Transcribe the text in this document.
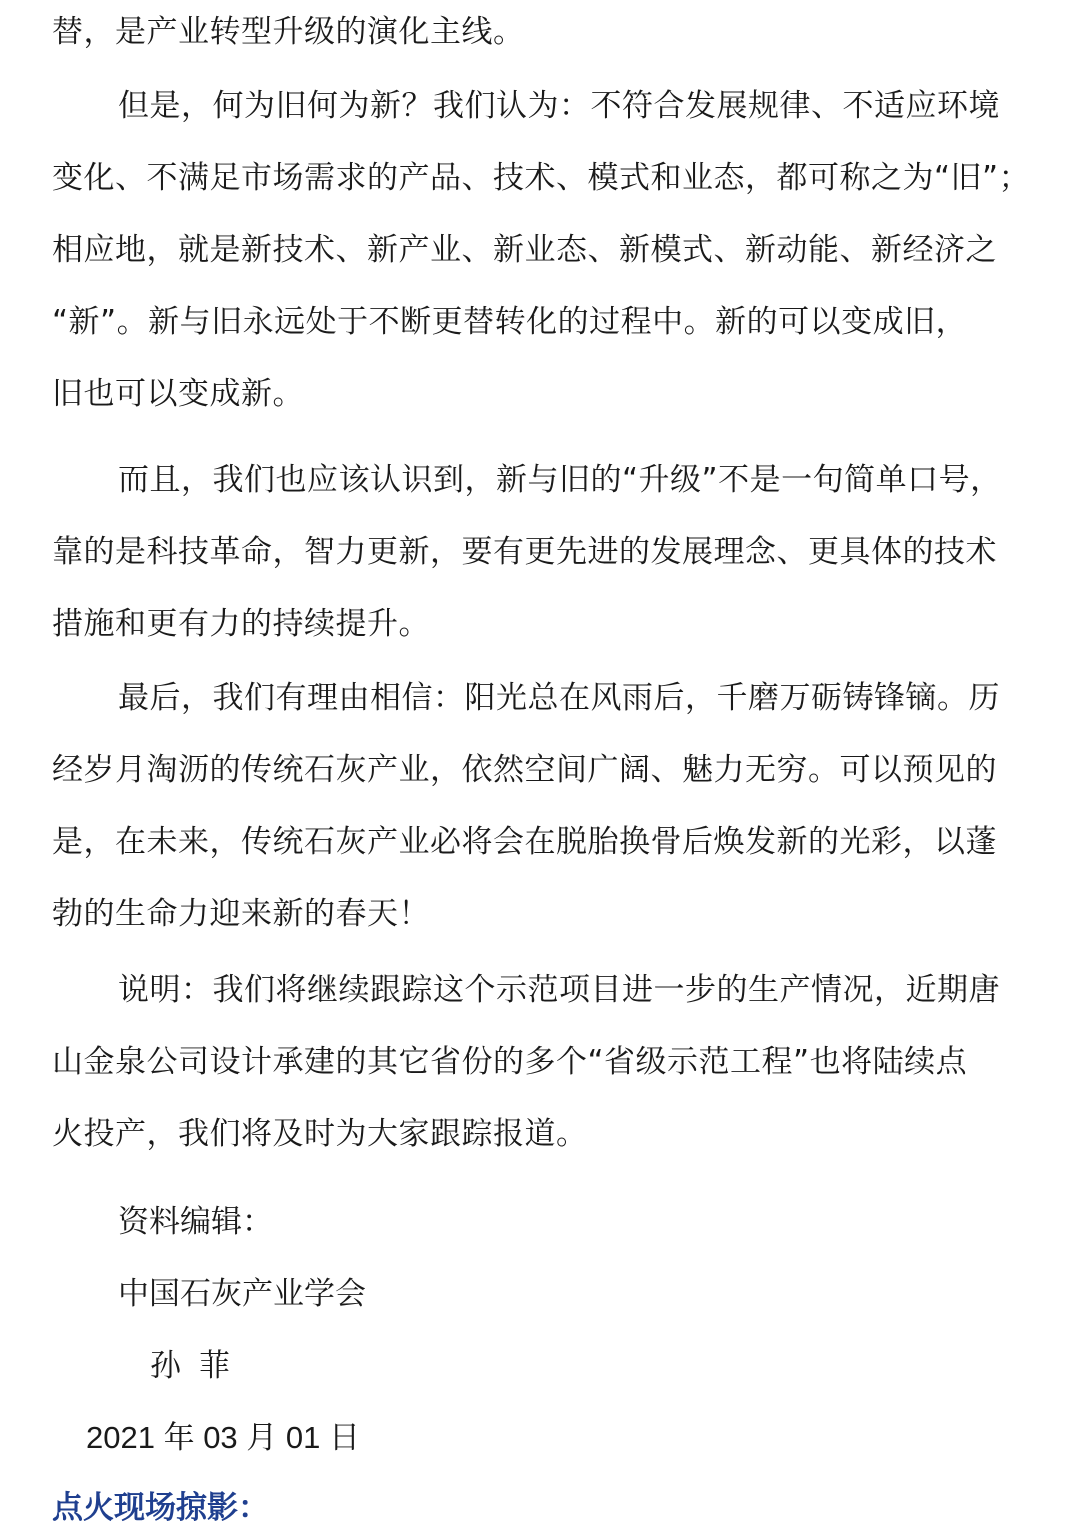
替，是产业转型升级的演化主线。
但是，何为旧何为新？我们认为：不符合发展规律、不适应环境
变化、不满足市场需求的产品、技术、模式和业态，都可称之为“旧”；
相应地，就是新技术、新产业、新业态、新模式、新动能、新经济之
“新”。新与旧永远处于不断更替转化的过程中。新的可以变成旧，
旧也可以变成新。
而且，我们也应该认识到，新与旧的“升级”不是一句简单口号，
靠的是科技革命，智力更新，要有更先进的发展理念、更具体的技术
措施和更有力的持续提升。
最后，我们有理由相信：阳光总在风雨后，千磨万砺铸锋镝。历
经岁月淘沥的传统石灰产业，依然空间广阔、魅力无穷。可以预见的
是，在未来，传统石灰产业必将会在脱胎换骨后焕发新的光彩，以蓬
勃的生命力迎来新的春天！
说明：我们将继续跟踪这个示范项目进一步的生产情况，近期唐
山金泉公司设计承建的其它省份的多个“省级示范工程”也将陆续点
火投产，我们将及时为大家跟踪报道。

资料编辑：

中国石灰产业学会

孙菲

2021 年 03 月 01 日

点火现场掠影：
